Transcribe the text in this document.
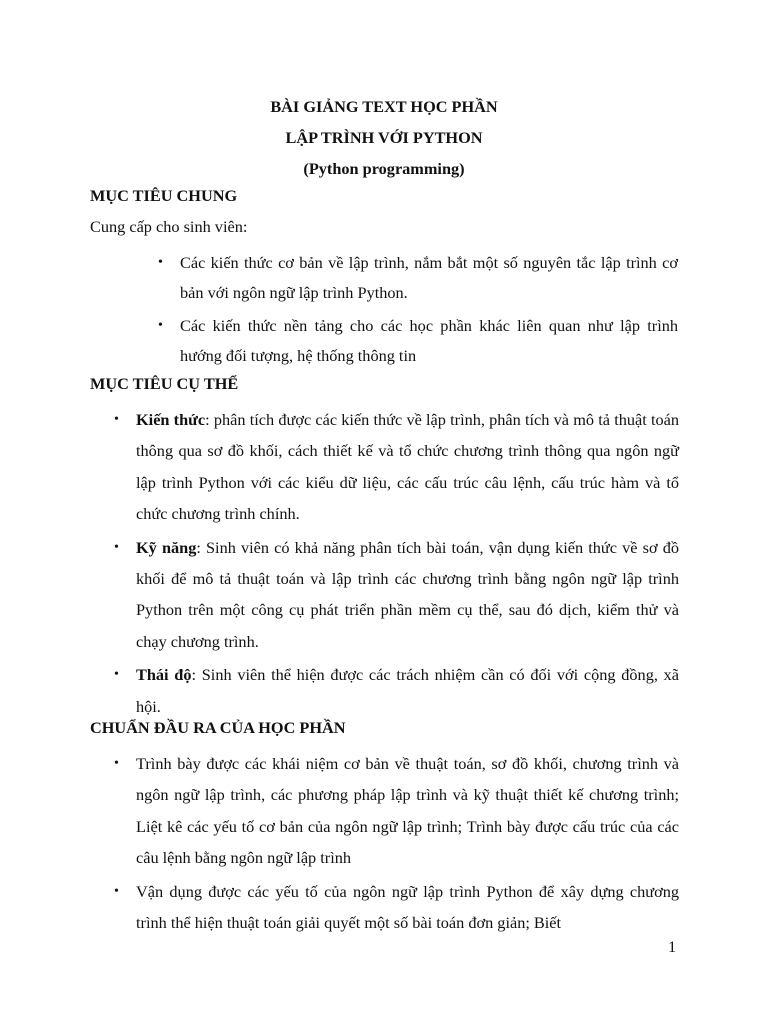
BÀI GIẢNG TEXT HỌC PHẦN
LẬP TRÌNH VỚI PYTHON
(Python programming)
MỤC TIÊU CHUNG
Cung cấp cho sinh viên:
• Các kiến thức cơ bản về lập trình, nắm bắt một số nguyên tắc lập trình cơ bản với ngôn ngữ lập trình Python.
• Các kiến thức nền tảng cho các học phần khác liên quan như lập trình hướng đối tượng, hệ thống thông tin
MỤC TIÊU CỤ THỂ
• Kiến thức: phân tích được các kiến thức về lập trình, phân tích và mô tả thuật toán thông qua sơ đồ khối, cách thiết kế và tổ chức chương trình thông qua ngôn ngữ lập trình Python với các kiểu dữ liệu, các cấu trúc câu lệnh, cấu trúc hàm và tổ chức chương trình chính.
• Kỹ năng: Sinh viên có khả năng phân tích bài toán, vận dụng kiến thức về sơ đồ khối để mô tả thuật toán và lập trình các chương trình bằng ngôn ngữ lập trình Python trên một công cụ phát triển phần mềm cụ thể, sau đó dịch, kiểm thử và chạy chương trình.
• Thái độ: Sinh viên thể hiện được các trách nhiệm cần có đối với cộng đồng, xã hội.
CHUẨN ĐẦU RA CỦA HỌC PHẦN
• Trình bày được các khái niệm cơ bản về thuật toán, sơ đồ khối, chương trình và ngôn ngữ lập trình, các phương pháp lập trình và kỹ thuật thiết kế chương trình; Liệt kê các yếu tố cơ bản của ngôn ngữ lập trình; Trình bày được cấu trúc của các câu lệnh bằng ngôn ngữ lập trình
• Vận dụng được các yếu tố của ngôn ngữ lập trình Python để xây dựng chương trình thể hiện thuật toán giải quyết một số bài toán đơn giản; Biết
1
